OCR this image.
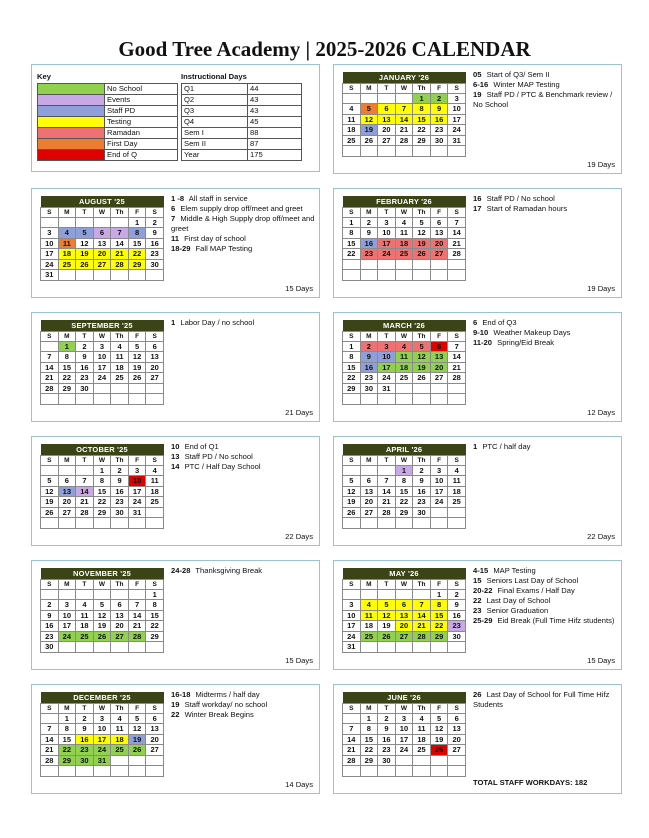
Good Tree Academy | 2025-2026 CALENDAR
Key
	No School
	Events
	Staff PD
	Testing
	Ramadan
	First Day
	End of Q
Instructional Days
Q1	44
Q2	43
Q3	43
Q4	45
Sem I	88
Sem II	87
Year	175
AUGUST '25						
S	M	T	W	Th	F	S
					1	2
3	4	5	6	7	8	9
10	11	12	13	14	15	16
17	18	19	20	21	22	23
24	25	26	27	28	29	30
31						
1 -8 All staff in service
6 Elem supply drop off/meet and greet
7 Middle & High Supply drop off/meet and greet
11 First day of school
18-29 Fall MAP Testing
15 Days
SEPTEMBER '25						
S	M	T	W	Th	F	S
	1	2	3	4	5	6
7	8	9	10	11	12	13
14	15	16	17	18	19	20
21	22	23	24	25	26	27
28	29	30				

1 Labor Day / no school
21 Days
OCTOBER '25						
S	M	T	W	Th	F	S
			1	2	3	4
5	6	7	8	9	10	11
12	13	14	15	16	17	18
19	20	21	22	23	24	25
26	27	28	29	30	31	

10 End of Q1
13 Staff PD / No school
14 PTC / Half Day School
22 Days
NOVEMBER '25						
S	M	T	W	Th	F	S
						1
2	3	4	5	6	7	8
9	10	11	12	13	14	15
16	17	18	19	20	21	22
23	24	25	26	27	28	29
30						
24-28 Thanksgiving Break
15 Days
DECEMBER '25						
S	M	T	W	Th	F	S
	1	2	3	4	5	6
7	8	9	10	11	12	13
14	15	16	17	18	19	20
21	22	23	24	25	26	27
28	29	30	31			

16-18 Midterms / half day
19 Staff workday/ no school
22 Winter Break Begins
14 Days
JANUARY '26						
S	M	T	W	Th	F	S
				1	2	3
4	5	6	7	8	9	10
11	12	13	14	15	16	17
18	19	20	21	22	23	24
25	26	27	28	29	30	31

05 Start of Q3/ Sem II
6-16 Winter MAP Testing
19 Staff PD / PTC & Benchmark review / No School
19 Days
FEBRUARY '26						
S	M	T	W	Th	F	S
1	2	3	4	5	6	7
8	9	10	11	12	13	14
15	16	17	18	19	20	21
22	23	24	25	26	27	28

16 Staff PD / No school
17 Start of Ramadan hours
19 Days
MARCH '26						
S	M	T	W	Th	F	S
1	2	3	4	5	6	7
8	9	10	11	12	13	14
15	16	17	18	19	20	21
22	23	24	25	26	27	28
29	30	31				

6 End of Q3
9-10 Weather Makeup Days
11-20 Spring/Eid Break
12 Days
APRIL '26						
S	M	T	W	Th	F	S
			1	2	3	4
5	6	7	8	9	10	11
12	13	14	15	16	17	18
19	20	21	22	23	24	25
26	27	28	29	30		

1 PTC / half day
22 Days
MAY '26						
S	M	T	W	Th	F	S
					1	2
3	4	5	6	7	8	9
10	11	12	13	14	15	16
17	18	19	20	21	22	23
24	25	26	27	28	29	30
31						
4-15 MAP Testing
15 Seniors Last Day of School
20-22 Final Exams / Half Day
22 Last Day of School
23 Senior Graduation
25-29 Eid Break (Full Time Hifz students)
15 Days
JUNE '26						
S	M	T	W	Th	F	S
	1	2	3	4	5	6
7	8	9	10	11	12	13
14	15	16	17	18	19	20
21	22	23	24	25	26	27
28	29	30				

26 Last Day of School for Full Time Hifz Students
TOTAL STAFF WORKDAYS: 182
